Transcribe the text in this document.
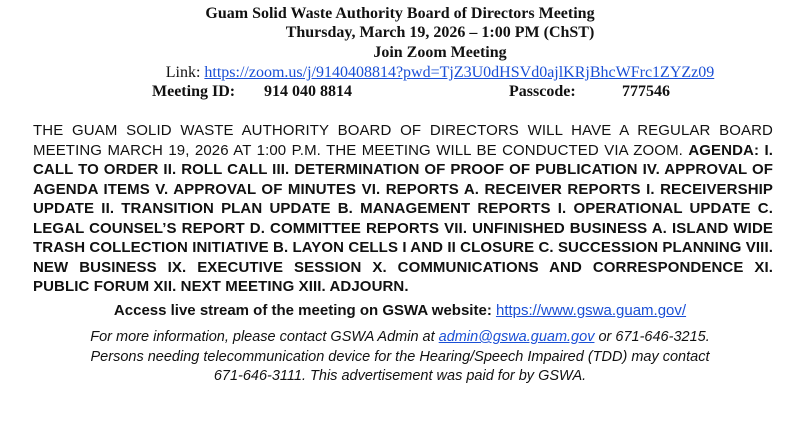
Guam Solid Waste Authority Board of Directors Meeting
Thursday, March 19, 2026 – 1:00 PM (ChST)
Join Zoom Meeting
Link: https://zoom.us/j/9140408814?pwd=TjZ3U0dHSVd0ajlKRjBhcWFrc1ZYZz09
Meeting ID: 914 040 8814	Passcode:	777546
THE GUAM SOLID WASTE AUTHORITY BOARD OF DIRECTORS WILL HAVE A REGULAR BOARD MEETING MARCH 19, 2026 AT 1:00 P.M. THE MEETING WILL BE CONDUCTED VIA ZOOM. AGENDA: I. CALL TO ORDER II. ROLL CALL III. DETERMINATION OF PROOF OF PUBLICATION IV. APPROVAL OF AGENDA ITEMS V. APPROVAL OF MINUTES VI. REPORTS A. RECEIVER REPORTS I. RECEIVERSHIP UPDATE II. TRANSITION PLAN UPDATE B. MANAGEMENT REPORTS I. OPERATIONAL UPDATE C. LEGAL COUNSEL’S REPORT D. COMMITTEE REPORTS VII. UNFINISHED BUSINESS A. ISLAND WIDE TRASH COLLECTION INITIATIVE B. LAYON CELLS I AND II CLOSURE C. SUCCESSION PLANNING VIII. NEW BUSINESS IX. EXECUTIVE SESSION X. COMMUNICATIONS AND CORRESPONDENCE XI. PUBLIC FORUM XII. NEXT MEETING XIII. ADJOURN.
Access live stream of the meeting on GSWA website: https://www.gswa.guam.gov/
For more information, please contact GSWA Admin at admin@gswa.guam.gov or 671-646-3215.
Persons needing telecommunication device for the Hearing/Speech Impaired (TDD) may contact
671-646-3111. This advertisement was paid for by GSWA.
